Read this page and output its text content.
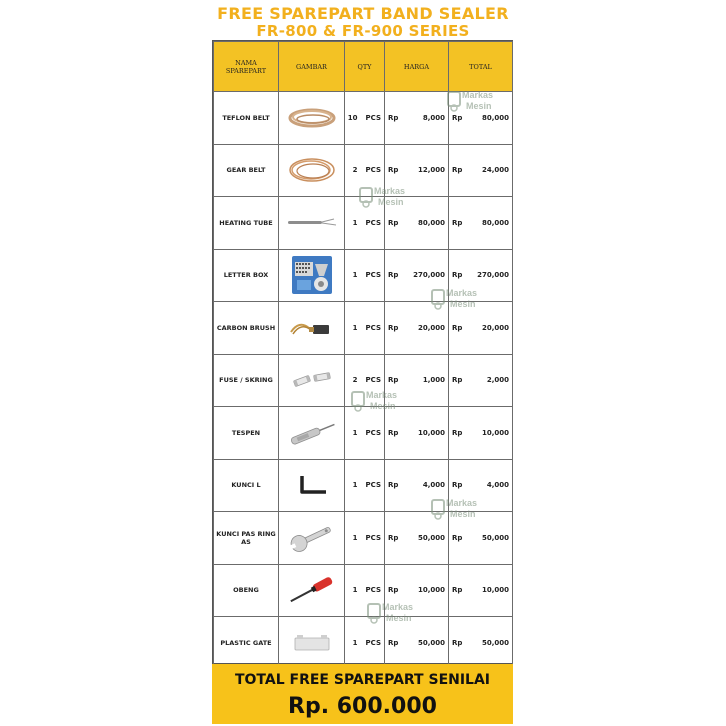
FREE SPAREPART BAND SEALER
FR-800 & FR-900 SERIES
NAMA SPAREPART	GAMBAR	QTY	HARGA	TOTAL
TEFLON BELT		10 PCS	Rp 8,000	Rp 80,000

GEAR BELT		2 PCS	Rp 12,000	Rp 24,000

HEATING TUBE		1 PCS	Rp 80,000	Rp 80,000

LETTER BOX		1 PCS	Rp 270,000	Rp 270,000

CARBON BRUSH		1 PCS	Rp 20,000	Rp 20,000

FUSE / SKRING		2 PCS	Rp 1,000	Rp 2,000

TESPEN		1 PCS	Rp 10,000	Rp 10,000

KUNCI L		1 PCS	Rp 4,000	Rp 4,000

KUNCI PAS RING AS		1 PCS	Rp 50,000	Rp 50,000

OBENG		1 PCS	Rp 10,000	Rp 10,000

PLASTIC GATE		1 PCS	Rp 50,000	Rp 50,000
Markas
Mesin
Markas
Mesin
Markas
Mesin
Markas
Mesin
Markas
Mesin
Markas
Mesin
TOTAL FREE SPAREPART SENILAI
Rp. 600.000
